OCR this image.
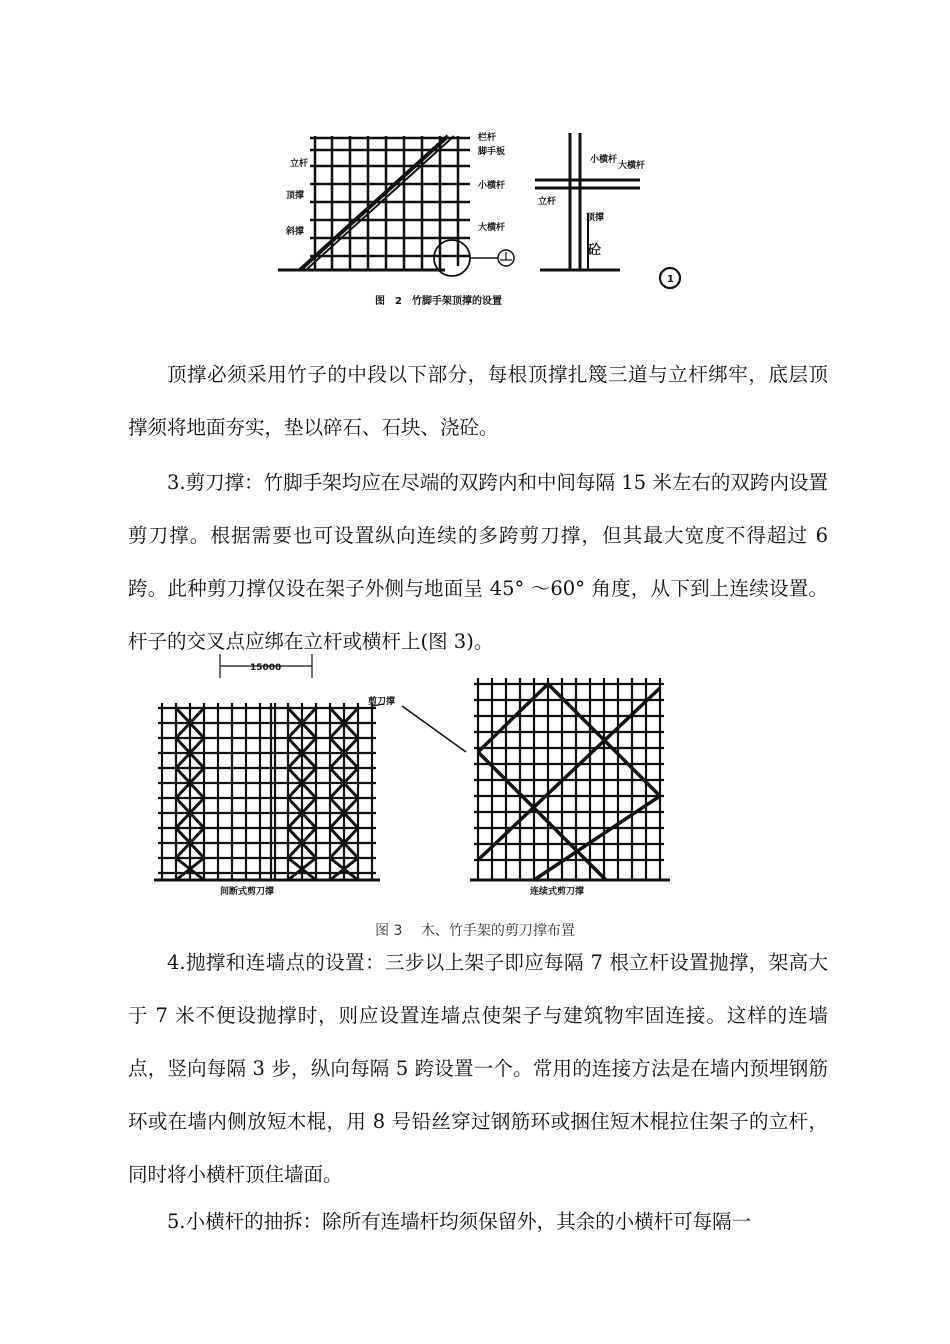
立杆
顶撑
斜撑
栏杆
脚手板
小横杆
大横杆
小横杆
大横杆
立杆
顶撑
砼
1
图　2　竹脚手架顶撑的设置

顶撑必须采用竹子的中段以下部分，每根顶撑扎篾三道与立杆绑牢，底层顶撑须将地面夯实，垫以碎石、石块、浇砼。

3.剪刀撑：竹脚手架均应在尽端的双跨内和中间每隔 15 米左右的双跨内设置剪刀撑。根据需要也可设置纵向连续的多跨剪刀撑，但其最大宽度不得超过 6 跨。此种剪刀撑仅设在架子外侧与地面呈 45° ～60° 角度，从下到上连续设置。杆子的交叉点应绑在立杆或横杆上(图 3)。

15000
剪刀撑
间断式剪刀撑	连续式剪刀撑
图 3　 木、竹手架的剪刀撑布置

4.抛撑和连墙点的设置：三步以上架子即应每隔 7 根立杆设置抛撑，架高大于 7 米不便设抛撑时，则应设置连墙点使架子与建筑物牢固连接。这样的连墙点，竖向每隔 3 步，纵向每隔 5 跨设置一个。常用的连接方法是在墙内预埋钢筋环或在墙内侧放短木棍，用 8 号铅丝穿过钢筋环或捆住短木棍拉住架子的立杆，同时将小横杆顶住墙面。

5.小横杆的抽拆：除所有连墙杆均须保留外，其余的小横杆可每隔一
